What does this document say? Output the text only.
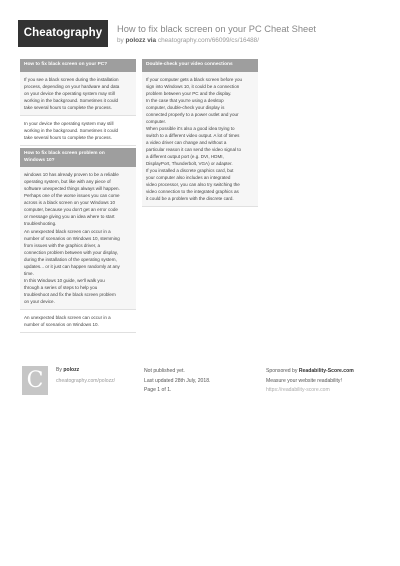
Cheatography	How to fix black screen on your PC Cheat Sheet
by polozz via cheatography.com/66099/cs/16488/
How to fix black screen on your PC?
If you see a black screen during the installation
process, depending on your hardware and data
on your device the operating system may still
working in the background. Sometimes it could
take several hours to complete the process.
In your device the operating system may still
working in the background. Sometimes it could
take several hours to complete the process.
How to fix black screen problem on
Windows 10?
windows 10 has already proven to be a reliable
operating system, but like with any piece of
software unexpected things always will happen.
Perhaps one of the worse issues you can come
across is a black screen on your Windows 10
computer, because you don't get an error code
or message giving you an idea where to start
troubleshooting.
An unexpected black screen can occur in a
number of scenarios on Windows 10, stemming
from issues with the graphics driver, a
connection problem between with your display,
during the installation of the operating system,
updates... or it just can happen randomly at any
time.
In this Windows 10 guide, we'll walk you
through a series of steps to help you
troubleshoot and fix the black screen problem
on your device.
An unexpected black screen can occur in a
number of scenarios on Windows 10.
Double-check your video connections
If your computer gets a black screen before you
sign into Windows 10, it could be a connection
problem between your PC and the display.
In the case that you're using a desktop
computer, double-check your display is
connected properly to a power outlet and your
computer.
When possible it's also a good idea trying to
switch to a different video output. A lot of times
a video driver can change and without a
particular reason it can send the video signal to
a different output port (e.g. DVI, HDMI,
DisplayPort, Thunderbolt, VGA) or adapter.
If you installed a discrete graphics card, but
your computer also includes an integrated
video processor, you can also try switching the
video connection to the integrated graphics as
it could be a problem with the discrete card.
C	By polozz
cheatography.com/polozz/
Not published yet.
Last updated 28th July, 2018.
Page 1 of 1.
Sponsored by Readability-Score.com
Measure your website readability!
https://readability-score.com
